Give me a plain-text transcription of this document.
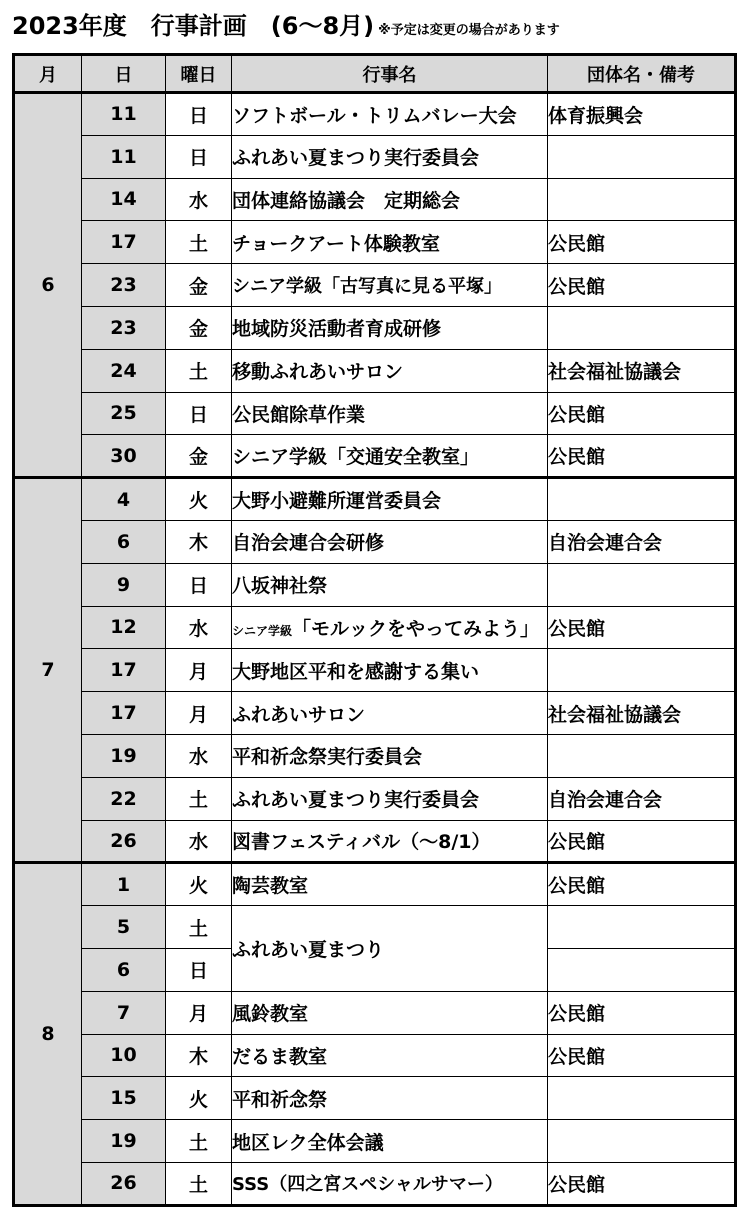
2023年度　行事計画　(6～8月) ※予定は変更の場合があります
月	日	曜日	行事名	団体名・備考
6	11	日	ソフトボール・トリムバレー大会	体育振興会
	11	日	ふれあい夏まつり実行委員会	
	14	水	団体連絡協議会　定期総会	
	17	土	チョークアート体験教室	公民館
	23	金	シニア学級「古写真に見る平塚」	公民館
	23	金	地域防災活動者育成研修	
	24	土	移動ふれあいサロン	社会福祉協議会
	25	日	公民館除草作業	公民館
	30	金	シニア学級「交通安全教室」	公民館
7	4	火	大野小避難所運営委員会	
	6	木	自治会連合会研修	自治会連合会
	9	日	八坂神社祭	
	12	水	シニア学級「モルックをやってみよう」	公民館
	17	月	大野地区平和を感謝する集い	
	17	月	ふれあいサロン	社会福祉協議会
	19	水	平和祈念祭実行委員会	
	22	土	ふれあい夏まつり実行委員会	自治会連合会
	26	水	図書フェスティバル（～8/1）	公民館
8	1	火	陶芸教室	公民館
	5	土	ふれあい夏まつり	
	6	日		
	7	月	風鈴教室	公民館
	10	木	だるま教室	公民館
	15	火	平和祈念祭	
	19	土	地区レク全体会議	
	26	土	SSS（四之宮スペシャルサマー）	公民館
